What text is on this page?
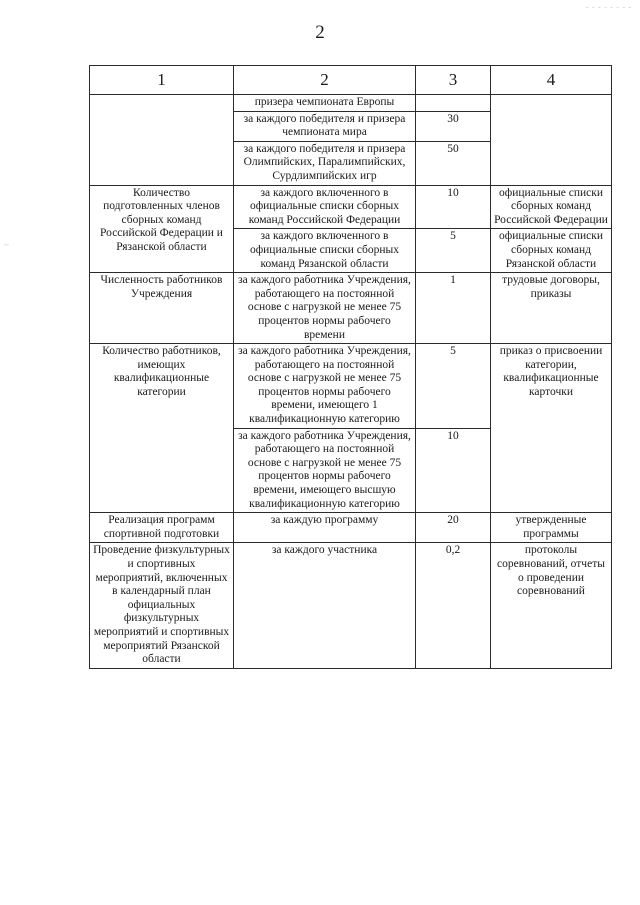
- - - - - - - -
~
2
1	2	3	4
	призера чемпионата Европы		
	за каждого победителя и призера чемпионата мира	30	
	за каждого победителя и призера Олимпийских, Паралимпийских, Сурдлимпийских игр	50	
Количество подготовленных членов сборных команд Российской Федерации и Рязанской области	за каждого включенного в официальные списки сборных команд Российской Федерации	10	официальные списки сборных команд Российской Федерации
	за каждого включенного в официальные списки сборных команд Рязанской области	5	официальные списки сборных команд Рязанской области
Численность работников Учреждения	за каждого работника Учреждения, работающего на постоянной основе с нагрузкой не менее 75 процентов нормы рабочего времени	1	трудовые договоры, приказы
Количество работников, имеющих квалификационные категории	за каждого работника Учреждения, работающего на постоянной основе с нагрузкой не менее 75 процентов нормы рабочего времени, имеющего 1 квалификационную категорию	5	приказ о присвоении категории, квалификационные карточки
	за каждого работника Учреждения, работающего на постоянной основе с нагрузкой не менее 75 процентов нормы рабочего времени, имеющего высшую квалификационную категорию	10	
Реализация программ спортивной подготовки	за каждую программу	20	утвержденные программы
Проведение физкультурных и спортивных мероприятий, включенных в календарный план официальных физкультурных мероприятий и спортивных мероприятий Рязанской области	за каждого участника	0,2	протоколы соревнований, отчеты о проведении соревнований
